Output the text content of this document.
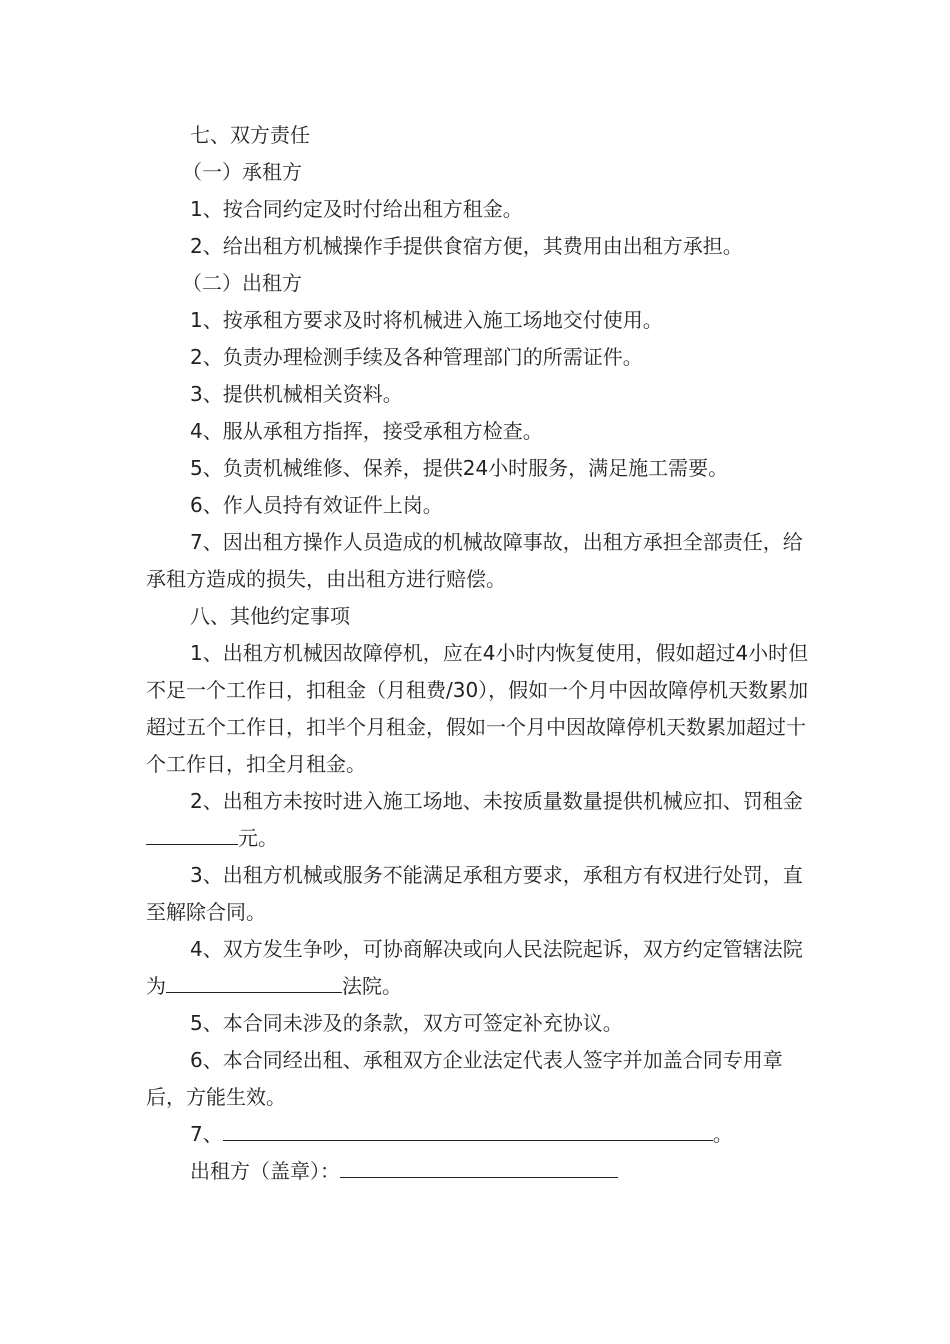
七、双方责任

（一）承租方

1、按合同约定及时付给出租方租金。

2、给出租方机械操作手提供食宿方便，其费用由出租方承担。

（二）出租方

1、按承租方要求及时将机械进入施工场地交付使用。

2、负责办理检测手续及各种管理部门的所需证件。

3、提供机械相关资料。

4、服从承租方指挥，接受承租方检查。

5、负责机械维修、保养，提供24小时服务，满足施工需要。

6、作人员持有效证件上岗。

7、因出租方操作人员造成的机械故障事故，出租方承担全部责任，给承租方造成的损失，由出租方进行赔偿。

八、其他约定事项

1、出租方机械因故障停机，应在4小时内恢复使用，假如超过4小时但不足一个工作日，扣租金（月租费/30），假如一个月中因故障停机天数累加超过五个工作日，扣半个月租金，假如一个月中因故障停机天数累加超过十个工作日，扣全月租金。

2、出租方未按时进入施工场地、未按质量数量提供机械应扣、罚租金元。

3、出租方机械或服务不能满足承租方要求，承租方有权进行处罚，直至解除合同。

4、双方发生争吵，可协商解决或向人民法院起诉，双方约定管辖法院为	法院。

5、本合同未涉及的条款，双方可签定补充协议。

6、本合同经出租、承租双方企业法定代表人签字并加盖合同专用章后，方能生效。

7、	。

出租方（盖章）：
